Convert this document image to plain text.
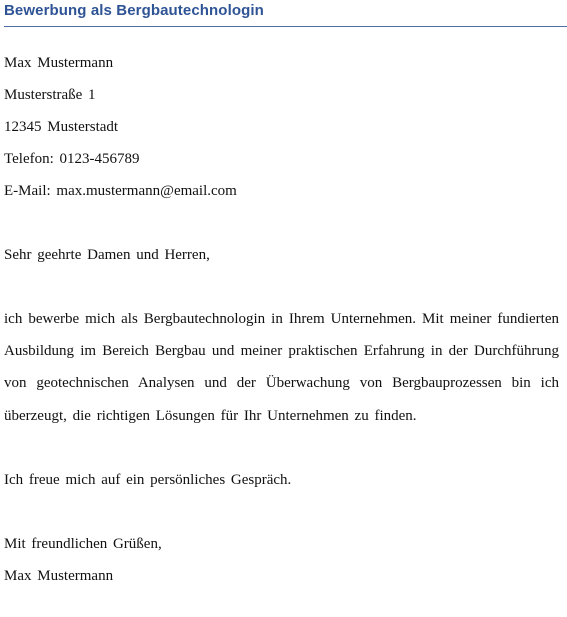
Bewerbung als Bergbautechnologin
Max Mustermann
Musterstraße 1
12345 Musterstadt
Telefon: 0123-456789
E-Mail: max.mustermann@email.com
Sehr geehrte Damen und Herren,

ich bewerbe mich als Bergbautechnologin in Ihrem Unternehmen. Mit meiner fundierten Ausbildung im Bereich Bergbau und meiner praktischen Erfahrung in der Durchführung von geotechnischen Analysen und der Überwachung von Bergbauprozessen bin ich überzeugt, die richtigen Lösungen für Ihr Unternehmen zu finden.

Ich freue mich auf ein persönliches Gespräch.
Mit freundlichen Grüßen,
Max Mustermann
